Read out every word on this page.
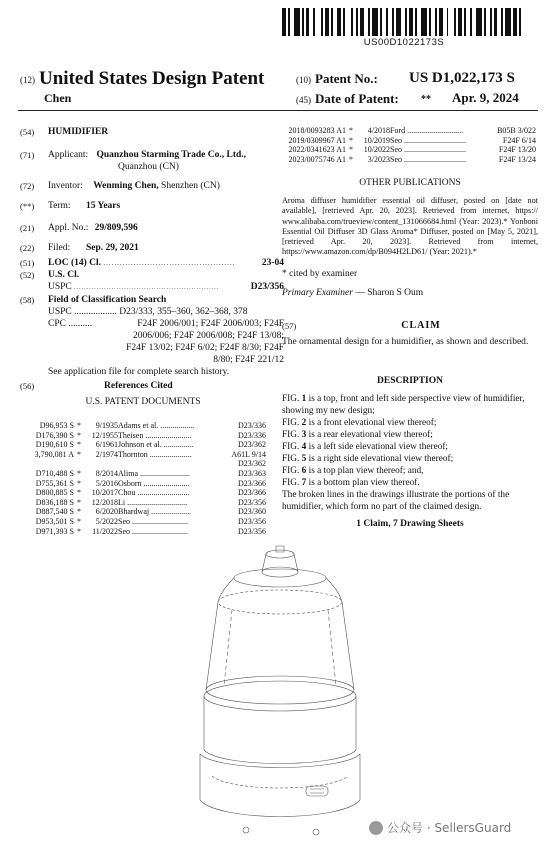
US00D1022173S
(12) United States Design Patent
Chen
(10) Patent No.: US D1,022,173 S
(45) Date of Patent: ** Apr. 9, 2024
(54)	HUMIDIFIER
(71)	Applicant: Quanzhou Starming Trade Co., Ltd.,
Quanzhou (CN)
(72)	Inventor: Wenming Chen, Shenzhen (CN)
(**)	Term: 15 Years
(21)	Appl. No.: 29/809,596
(22)	Filed: Sep. 29, 2021
(51)	LOC (14) Cl. ................................................	23-04
(52)	U.S. Cl.
USPC ..........................................................	D23/356
(58)	Field of Classification Search
USPC .................. D23/333, 355–360, 362–368, 378
CPC ..........	F24F 2006/001; F24F 2006/003; F24F
2006/006; F24F 2006/008; F24F 13/08;
F24F 13/02; F24F 6/02; F24F 8/30; F24F
8/80; F24F 221/12
See application file for complete search history.
(56)	References Cited
U.S. PATENT DOCUMENTS
D96,953 S	*	9/1935	Adams et al. .................	D23/336
D176,390 S	*	12/1955	Theisen .......................	D23/336
D190,610 S	*	6/1961	Johnson et al. ...............	D23/362
3,790,081 A	*	2/1974	Thornton .....................	A61L 9/14
				D23/362
D710,488 S	*	8/2014	Alima .........................	D23/363
D755,361 S	*	5/2016	Osborn .......................	D23/366
D800,885 S	*	10/2017	Chou ..........................	D23/366
D836,188 S	*	12/2018	Li ..............................	D23/356
D887,540 S	*	6/2020	Bhardwaj ....................	D23/360
D953,501 S	*	5/2022	Seo ............................	D23/356
D971,393 S	*	11/2022	Seo ............................	D23/356
2018/0093283 A1	*	4/2018	Ford ............................	B05B 3/022
2019/0309967 A1	*	10/2019	Seo ...............................	F24F 6/14
2022/0341623 A1	*	10/2022	Seo ...............................	F24F 13/20
2023/0075746 A1	*	3/2023	Seo ...............................	F24F 13/24
OTHER PUBLICATIONS
Aroma diffuser humidifier essential oil diffuser, posted on [date not available], [retrieved Apr. 20, 2023]. Retrieved from internet, https:// www.alibaba.com/trueview/content_131066684.html (Year: 2023).* Yonboni Essential Oil Diffuser 3D Glass Aroma* Diffuser, posted on [May 5, 2021], [retrieved Apr. 20, 2023]. Retrieved from internet, https://www.amazon.com/dp/B094H2LD61/ (Year: 2021).*
* cited by examiner
Primary Examiner — Sharon S Oum
(57)	CLAIM
The ornamental design for a humidifier, as shown and described.
DESCRIPTION

FIG. 1 is a top, front and left side perspective view of humidifier, showing my new design;

FIG. 2 is a front elevational view thereof;

FIG. 3 is a rear elevational view thereof;

FIG. 4 is a left side elevational view thereof;

FIG. 5 is a right side elevational view thereof;

FIG. 6 is a top plan view thereof; and,

FIG. 7 is a bottom plan view thereof.

The broken lines in the drawings illustrate the portions of the humidifier, which form no part of the claimed design.

1 Claim, 7 Drawing Sheets
公众号 · SellersGuard
